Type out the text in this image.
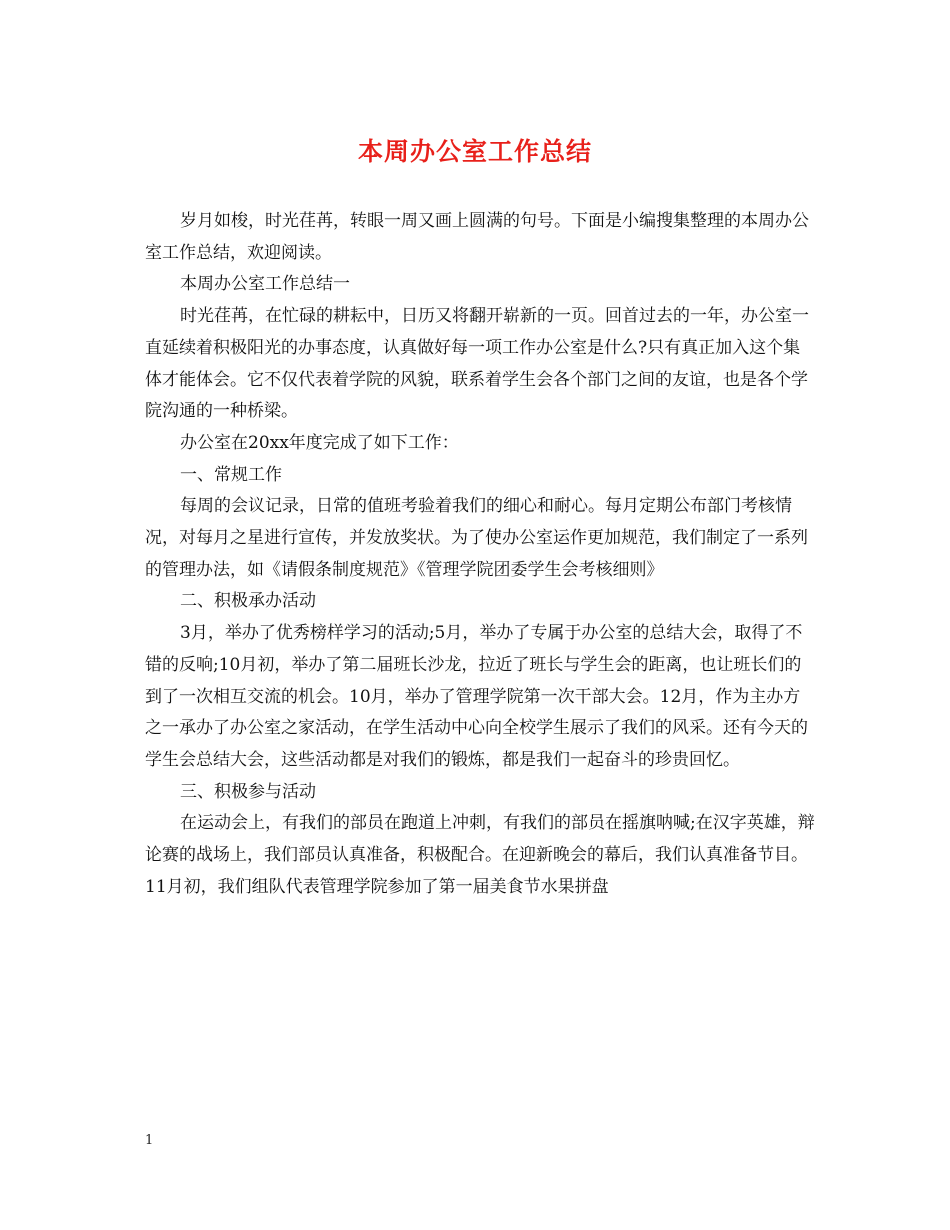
本周办公室工作总结

岁月如梭，时光荏苒，转眼一周又画上圆满的句号。下面是小编搜集整理的本周办公室工作总结，欢迎阅读。

本周办公室工作总结一

时光荏苒，在忙碌的耕耘中，日历又将翻开崭新的一页。回首过去的一年，办公室一直延续着积极阳光的办事态度，认真做好每一项工作办公室是什么?只有真正加入这个集体才能体会。它不仅代表着学院的风貌，联系着学生会各个部门之间的友谊，也是各个学院沟通的一种桥梁。

办公室在20xx年度完成了如下工作：

一、常规工作

每周的会议记录，日常的值班考验着我们的细心和耐心。每月定期公布部门考核情况，对每月之星进行宣传，并发放奖状。为了使办公室运作更加规范，我们制定了一系列的管理办法，如《请假条制度规范》《管理学院团委学生会考核细则》

二、积极承办活动

3月，举办了优秀榜样学习的活动;5月，举办了专属于办公室的总结大会，取得了不错的反响;10月初，举办了第二届班长沙龙，拉近了班长与学生会的距离，也让班长们的到了一次相互交流的机会。10月，举办了管理学院第一次干部大会。12月，作为主办方之一承办了办公室之家活动，在学生活动中心向全校学生展示了我们的风采。还有今天的学生会总结大会，这些活动都是对我们的锻炼，都是我们一起奋斗的珍贵回忆。

三、积极参与活动

在运动会上，有我们的部员在跑道上冲刺，有我们的部员在摇旗呐喊;在汉字英雄，辩论赛的战场上，我们部员认真准备，积极配合。在迎新晚会的幕后，我们认真准备节目。11月初，我们组队代表管理学院参加了第一届美食节水果拼盘

1
